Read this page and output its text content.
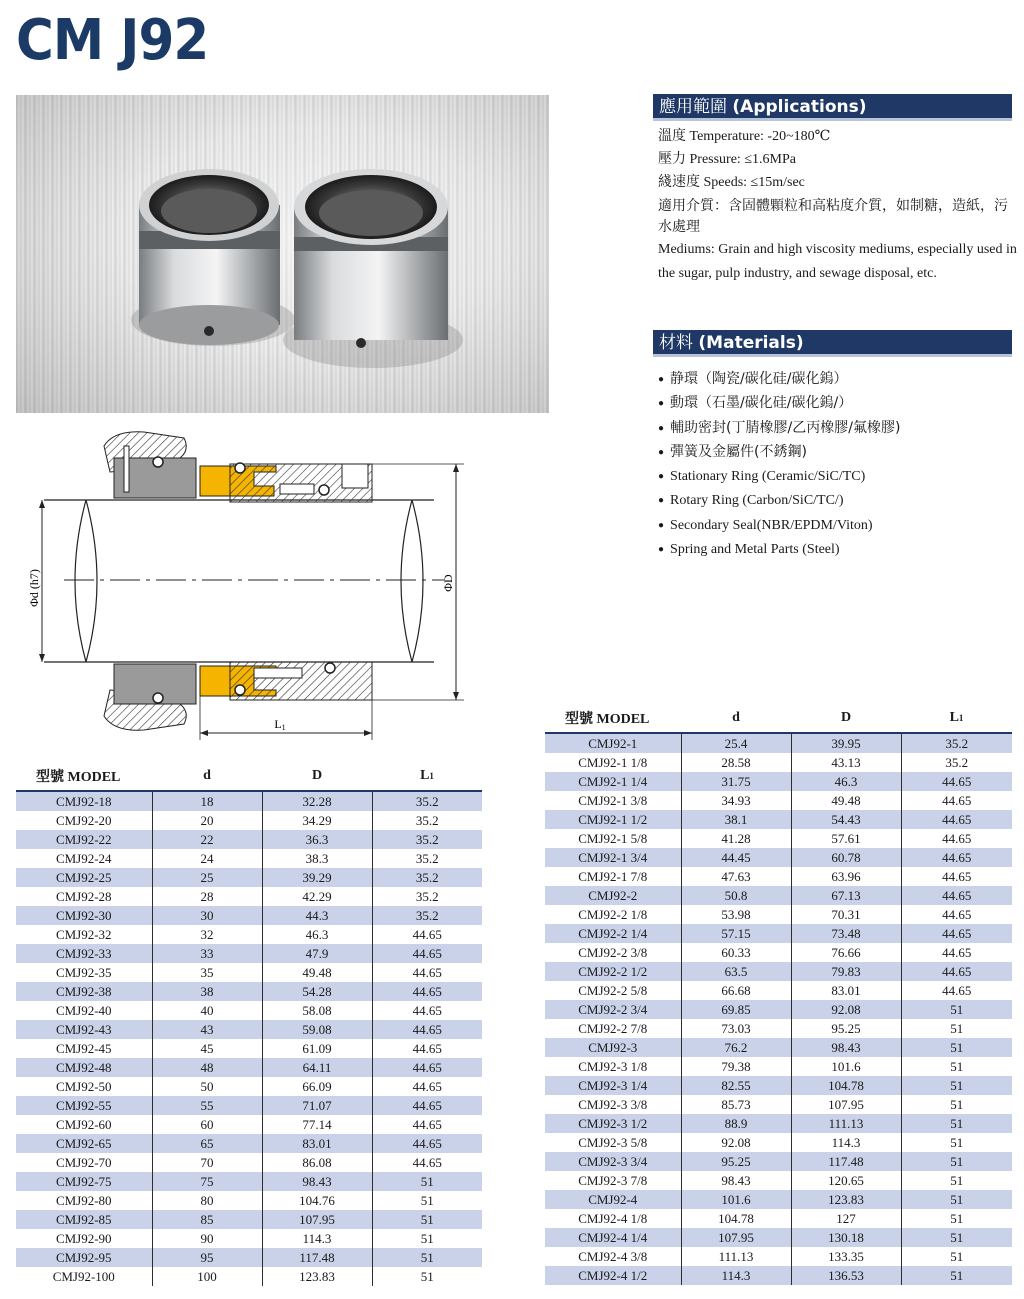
CM J92
應用範圍 (Applications)
溫度 Temperature: -20~180℃
壓力 Pressure: ≤1.6MPa
綫速度 Speeds: ≤15m/sec
適用介質：含固體顆粒和高粘度介質，如制糖，造紙，污水處理
Mediums: Grain and high viscosity mediums, especially used in the sugar, pulp industry, and sewage disposal, etc.
材料 (Materials)
● 静環（陶瓷/碳化硅/碳化鎢）
● 動環（石墨/碳化硅/碳化鎢/）
● 輔助密封(丁腈橡膠/乙丙橡膠/氟橡膠)
● 彈簧及金屬件(不銹鋼)
● Stationary Ring (Ceramic/SiC/TC)
● Rotary Ring (Carbon/SiC/TC/)
● Secondary Seal(NBR/EPDM/Viton)
● Spring and Metal Parts (Steel)
Φd (h7)	ΦD
L1
型號 MODEL	d	D	L1
CMJ92-18	18	32.28	35.2
CMJ92-20	20	34.29	35.2
CMJ92-22	22	36.3	35.2
CMJ92-24	24	38.3	35.2
CMJ92-25	25	39.29	35.2
CMJ92-28	28	42.29	35.2
CMJ92-30	30	44.3	35.2
CMJ92-32	32	46.3	44.65
CMJ92-33	33	47.9	44.65
CMJ92-35	35	49.48	44.65
CMJ92-38	38	54.28	44.65
CMJ92-40	40	58.08	44.65
CMJ92-43	43	59.08	44.65
CMJ92-45	45	61.09	44.65
CMJ92-48	48	64.11	44.65
CMJ92-50	50	66.09	44.65
CMJ92-55	55	71.07	44.65
CMJ92-60	60	77.14	44.65
CMJ92-65	65	83.01	44.65
CMJ92-70	70	86.08	44.65
CMJ92-75	75	98.43	51
CMJ92-80	80	104.76	51
CMJ92-85	85	107.95	51
CMJ92-90	90	114.3	51
CMJ92-95	95	117.48	51
CMJ92-100	100	123.83	51
型號 MODEL	d	D	L1
CMJ92-1	25.4	39.95	35.2
CMJ92-1 1/8	28.58	43.13	35.2
CMJ92-1 1/4	31.75	46.3	44.65
CMJ92-1 3/8	34.93	49.48	44.65
CMJ92-1 1/2	38.1	54.43	44.65
CMJ92-1 5/8	41.28	57.61	44.65
CMJ92-1 3/4	44.45	60.78	44.65
CMJ92-1 7/8	47.63	63.96	44.65
CMJ92-2	50.8	67.13	44.65
CMJ92-2 1/8	53.98	70.31	44.65
CMJ92-2 1/4	57.15	73.48	44.65
CMJ92-2 3/8	60.33	76.66	44.65
CMJ92-2 1/2	63.5	79.83	44.65
CMJ92-2 5/8	66.68	83.01	44.65
CMJ92-2 3/4	69.85	92.08	51
CMJ92-2 7/8	73.03	95.25	51
CMJ92-3	76.2	98.43	51
CMJ92-3 1/8	79.38	101.6	51
CMJ92-3 1/4	82.55	104.78	51
CMJ92-3 3/8	85.73	107.95	51
CMJ92-3 1/2	88.9	111.13	51
CMJ92-3 5/8	92.08	114.3	51
CMJ92-3 3/4	95.25	117.48	51
CMJ92-3 7/8	98.43	120.65	51
CMJ92-4	101.6	123.83	51
CMJ92-4 1/8	104.78	127	51
CMJ92-4 1/4	107.95	130.18	51
CMJ92-4 3/8	111.13	133.35	51
CMJ92-4 1/2	114.3	136.53	51
